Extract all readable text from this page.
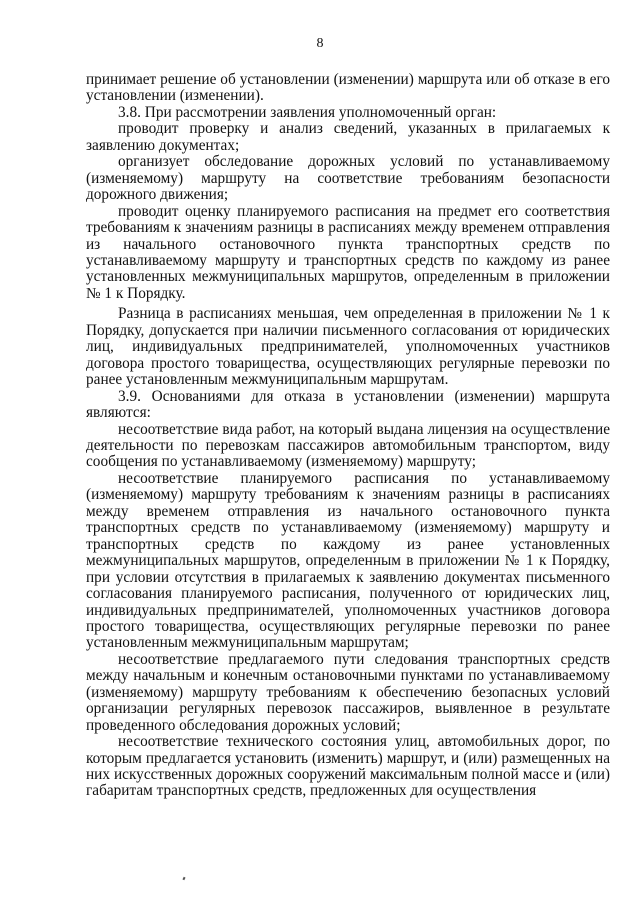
8

принимает решение об установлении (изменении) маршрута или об отказе в его установлении (изменении).

3.8. При рассмотрении заявления уполномоченный орган:

проводит проверку и анализ сведений, указанных в прилагаемых к заявлению документах;

организует обследование дорожных условий по устанавливаемому (изменяемому) маршруту на соответствие требованиям безопасности дорожного движения;

проводит оценку планируемого расписания на предмет его соответствия требованиям к значениям разницы в расписаниях между временем отправления из начального остановочного пункта транспортных средств по устанавливаемому маршруту и транспортных средств по каждому из ранее установленных межмуниципальных маршрутов, определенным в приложении № 1 к Порядку.

Разница в расписаниях меньшая, чем определенная в приложении № 1 к Порядку, допускается при наличии письменного согласования от юридических лиц, индивидуальных предпринимателей, уполномоченных участников договора простого товарищества, осуществляющих регулярные перевозки по ранее установленным межмуниципальным маршрутам.

3.9. Основаниями для отказа в установлении (изменении) маршрута являются:

несоответствие вида работ, на который выдана лицензия на осуществление деятельности по перевозкам пассажиров автомобильным транспортом, виду сообщения по устанавливаемому (изменяемому) маршруту;

несоответствие планируемого расписания по устанавливаемому (изменяемому) маршруту требованиям к значениям разницы в расписаниях между временем отправления из начального остановочного пункта транспортных средств по устанавливаемому (изменяемому) маршруту и транспортных средств по каждому из ранее установленных межмуниципальных маршрутов, определенным в приложении № 1 к Порядку, при условии отсутствия в прилагаемых к заявлению документах письменного согласования планируемого расписания, полученного от юридических лиц, индивидуальных предпринимателей, уполномоченных участников договора простого товарищества, осуществляющих регулярные перевозки по ранее установленным межмуниципальным маршрутам;

несоответствие предлагаемого пути следования транспортных средств между начальным и конечным остановочными пунктами по устанавливаемому (изменяемому) маршруту требованиям к обеспечению безопасных условий организации регулярных перевозок пассажиров, выявленное в результате проведенного обследования дорожных условий;

несоответствие технического состояния улиц, автомобильных дорог, по которым предлагается установить (изменить) маршрут, и (или) размещенных на них искусственных дорожных сооружений максимальным полной массе и (или) габаритам транспортных средств, предложенных для осуществления
